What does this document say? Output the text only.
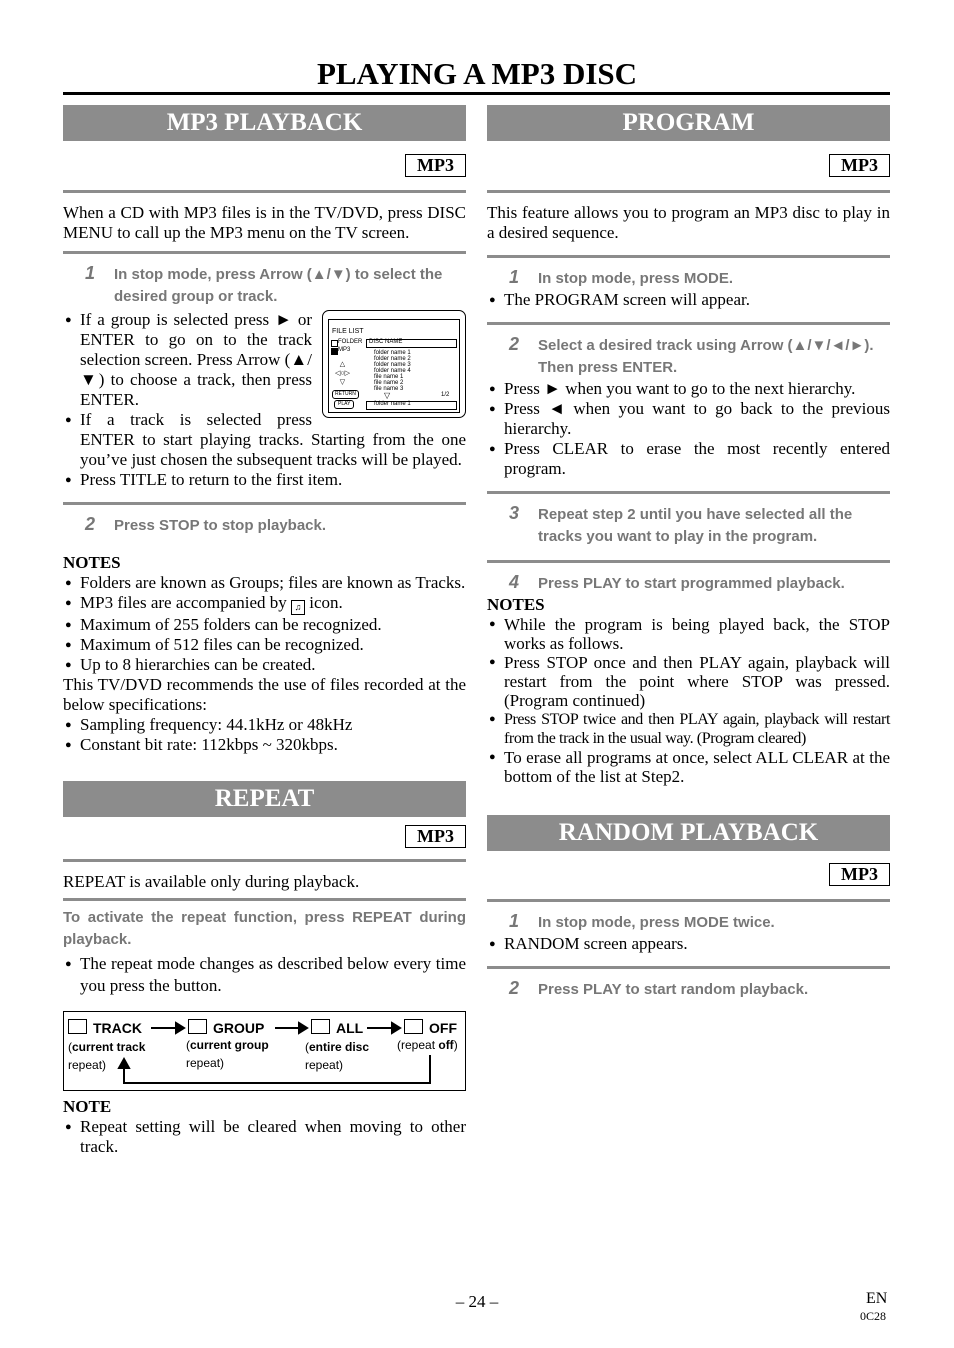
PLAYING A MP3 DISC
MP3 PLAYBACK
MP3

When a CD with MP3 files is in the TV/DVD, press DISC MENU to call up the MP3 menu on the TV screen.

1 In stop mode, press Arrow (▲/▼) to select the desired group or track.
FILE LIST
FOLDER
MP3
DISC NAME
folder name 1
folder name 2
folder name 3
folder name 4
file name 1
file name 2
file name 3
▽	1/2
folder name 1
△
◁○▷
▽
RETURN
PLAY
● If a group is selected press ► or ENTER to go on to the track selection screen. Press Arrow (▲/▼) to choose a track, then press ENTER.
● If a track is selected press ENTER to start playing tracks. Starting from the one you’ve just chosen the subsequent tracks will be played.
● Press TITLE to return to the first item.
2 Press STOP to stop playback.
NOTES
● Folders are known as Groups; files are known as Tracks.
● MP3 files are accompanied by ♫ icon.
● Maximum of 255 folders can be recognized.
● Maximum of 512 files can be recognized.
● Up to 8 hierarchies can be created.

This TV/DVD recommends the use of files recorded at the below specifications:

● Sampling frequency: 44.1kHz or 48kHz
● Constant bit rate: 112kbps ~ 320kbps.
REPEAT
MP3

REPEAT is available only during playback.

To activate the repeat function, press REPEAT during playback.
● The repeat mode changes as described below every time you press the button.
TRACK	GROUP	ALL	OFF
(current track
repeat)
(current group
repeat)
(entire disc
repeat)
(repeat off)
NOTE
● Repeat setting will be cleared when moving to other track.
PROGRAM
MP3

This feature allows you to program an MP3 disc to play in a desired sequence.

1 In stop mode, press MODE.
● The PROGRAM screen will appear.
2 Select a desired track using Arrow (▲/▼/◄/►). Then press ENTER.
● Press ► when you want to go to the next hierarchy.
● Press ◄ when you want to go back to the previous hierarchy.
● Press CLEAR to erase the most recently entered program.
3 Repeat step 2 until you have selected all the tracks you want to play in the program.
4 Press PLAY to start programmed playback.
NOTES
● While the program is being played back, the STOP works as follows.
● Press STOP once and then PLAY again, playback will restart from the point where STOP was pressed. (Program continued)
● Press STOP twice and then PLAY again, playback will restart from the track in the usual way. (Program cleared)
● To erase all programs at once, select ALL CLEAR at the bottom of the list at Step2.
RANDOM PLAYBACK
MP3
1 In stop mode, press MODE twice.
● RANDOM screen appears.
2 Press PLAY to start random playback.
– 24 –	EN
0C28
